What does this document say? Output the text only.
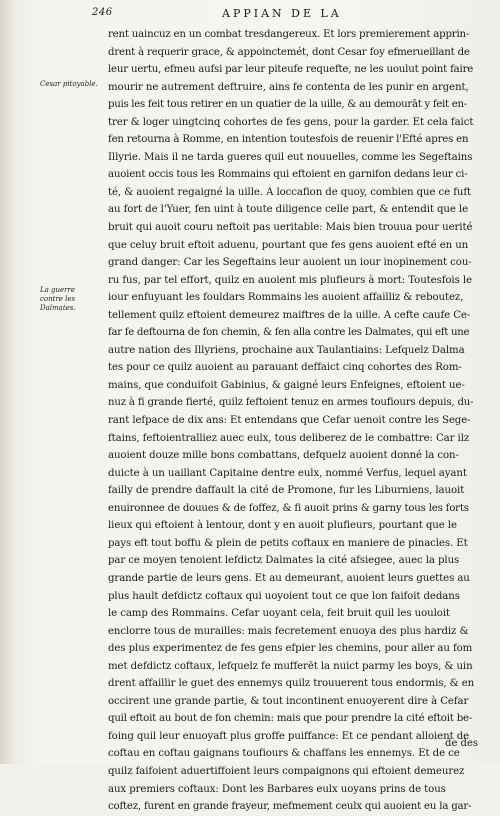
246	APPIAN DE LA
Cesar pitoyable.
La guerre contre les Dalmates.
rent uaincuz en un combat tresdangereux. Et lors premierement apprin-
drent à requerir grace, & appoinctemét, dont Cesar foy efmerueillant de
leur uertu, efmeu aufsi par leur piteufe requefte, ne les uoulut point faire
mourir ne autrement deftruire, ains fe contenta de les punir en argent,
puis les feit tous retirer en un quatier de la uille, & au demourāt y feit en-
trer & loger uingtcinq cohortes de fes gens, pour la garder. Et cela faict
fen retourna à Romme, en intention toutesfois de reuenir l'Efté apres en
Illyrie. Mais il ne tarda gueres quil eut nouuelles, comme les Segeftains
auoient occis tous les Rommains qui eftoient en garnifon dedans leur ci-
té, & auoient regaigné la uille. A loccafion de quoy, combien que ce fuft
au fort de l'Yuer, fen uint à toute diligence celle part, & entendit que le
bruit qui auoit couru neftoit pas ueritable: Mais bien trouua pour uerité
que celuy bruit eftoit aduenu, pourtant que fes gens auoient efté en un
grand danger: Car les Segeftains leur auoient un iour inopinement cou-
ru fus, par tel effort, quilz en auoient mis plufieurs à mort: Toutesfois le
iour enfuyuant les fouldars Rommains les auoient affailliz & reboutez,
tellement quilz eftoient demeurez maiftres de la uille. A cefte caufe Ce-
far fe deftourna de fon chemin, & fen alla contre les Dalmates, qui eft une
autre nation des Illyriens, prochaine aux Taulantiains: Lefquelz Dalma
tes pour ce quilz auoient au parauant deffaict cinq cohortes des Rom-
mains, que conduifoit Gabinius, & gaigné leurs Enfeignes, eftoient ue-
nuz à fi grande fierté, quilz feftoient tenuz en armes toufiours depuis, du-
rant lefpace de dix ans: Et entendans que Cefar uenoit contre les Sege-
ftains, feftoientralliez auec eulx, tous deliberez de le combattre: Car ilz
auoient douze mille bons combattans, defquelz auoient donné la con-
duicte à un uaillant Capitaine dentre eulx, nommé Verfus, lequel ayant
failly de prendre daffault la cité de Promone, fur les Liburniens, lauoit
enuironnee de douues & de foffez, & fi auoit prins & garny tous les forts
lieux qui eftoient à lentour, dont y en auoit plufieurs, pourtant que le
pays eft tout boffu & plein de petits coftaux en maniere de pinacles. Et
par ce moyen tenoient lefdictz Dalmates la cité afsiegee, auec la plus
grande partie de leurs gens. Et au demeurant, auoient leurs guettes au
plus hault defdictz coftaux qui uoyoient tout ce que lon faifoit dedans
le camp des Rommains. Cefar uoyant cela, feit bruit quil les uouloit
enclorre tous de murailles: mais fecretement enuoya des plus hardiz &
des plus experimentez de fes gens efpier les chemins, pour aller au fom
met defdictz coftaux, lefquelz fe mufferēt la nuict parmy les boys, & uin
drent affaillir le guet des ennemys quilz trouuerent tous endormis, & en
occirent une grande partie, & tout incontinent enuoyerent dire à Cefar
quil eftoit au bout de fon chemin: mais que pour prendre la cité eftoit be-
foing quil leur enuoyaft plus groffe puiffance: Et ce pendant alloient de
coftau en coftau gaignans toufiours & chaffans les ennemys. Et de ce
quilz faifoient aduertiffoient leurs compaignons qui eftoient demeurez
aux premiers coftaux: Dont les Barbares eulx uoyans prins de tous
coftez, furent en grande frayeur, mefmement ceulx qui auoient eu la gar-
de des
